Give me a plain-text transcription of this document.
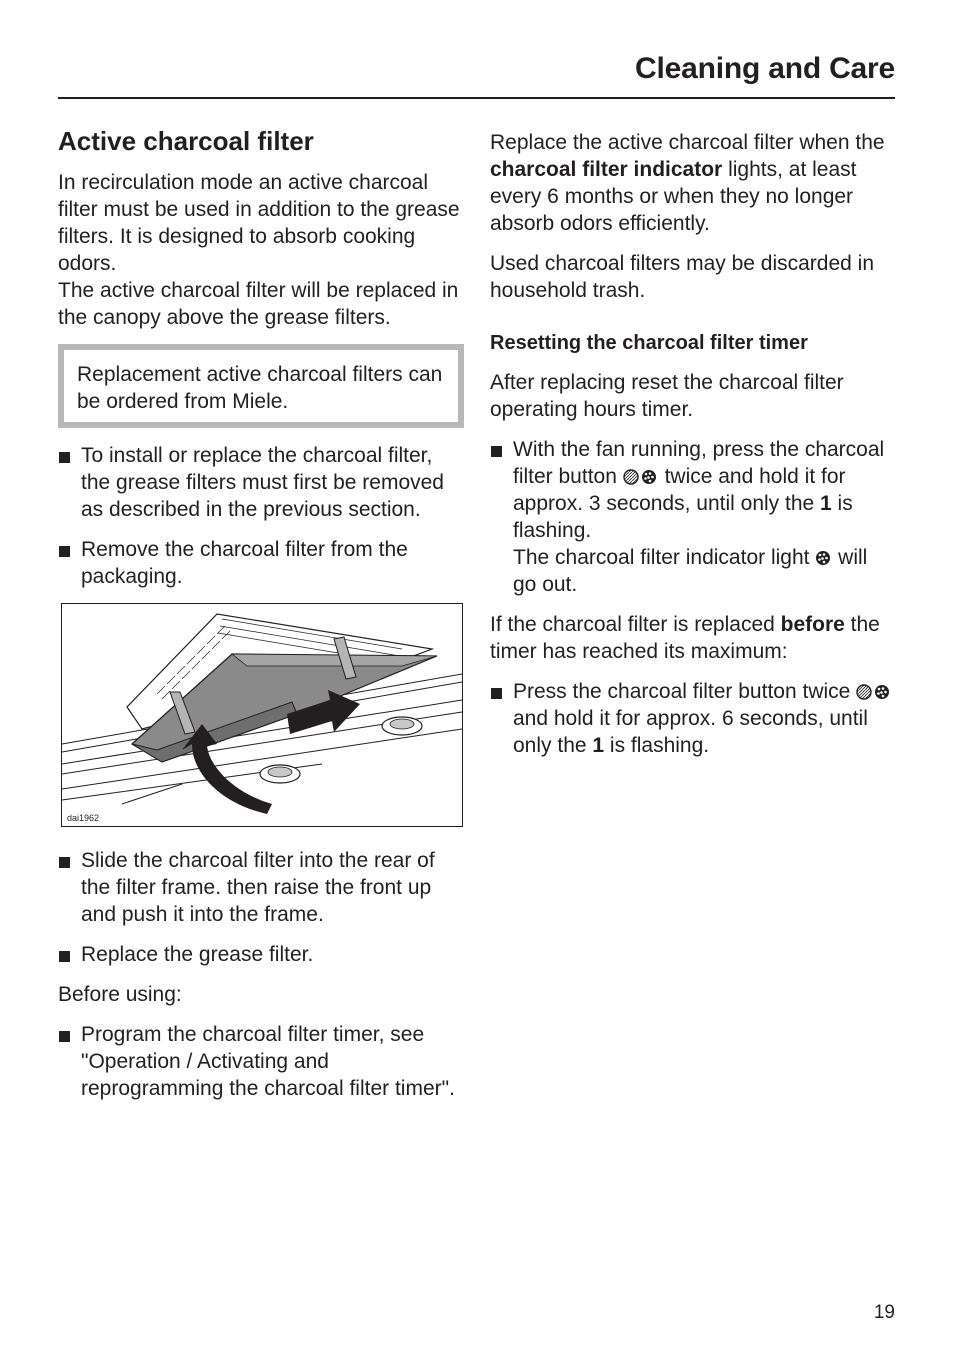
Cleaning and Care
Active charcoal filter

In recirculation mode an active charcoal filter must be used in addition to the grease filters. It is designed to absorb cooking odors.
The active charcoal filter will be replaced in the canopy above the grease filters.

Replacement active charcoal filters can be ordered from Miele.

To install or replace the charcoal filter, the grease filters must first be removed as described in the previous section.
Remove the charcoal filter from the packaging.
dai1962
Slide the charcoal filter into the rear of the filter frame. then raise the front up and push it into the frame.
Replace the grease filter.

Before using:

Program the charcoal filter timer, see "Operation / Activating and reprogramming the charcoal filter timer".

Replace the active charcoal filter when the charcoal filter indicator lights, at least every 6 months or when they no longer absorb odors efficiently.

Used charcoal filters may be discarded in household trash.

Resetting the charcoal filter timer

After replacing reset the charcoal filter operating hours timer.

With the fan running, press the charcoal filter button  twice and hold it for approx. 3 seconds, until only the 1 is flashing.
The charcoal filter indicator light  will go out.

If the charcoal filter is replaced before the timer has reached its maximum:

Press the charcoal filter button twice  and hold it for approx. 6 seconds, until only the 1 is flashing.

19
